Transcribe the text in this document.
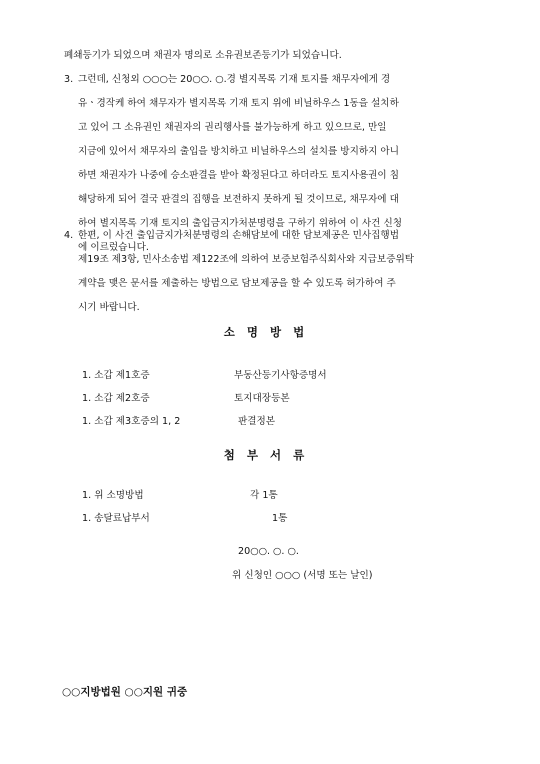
폐쇄등기가 되었으며 채권자 명의로 소유권보존등기가 되었습니다.
3. 그런데, 신청외 ○○○는 20○○. ○.경 별지목록 기재 토지를 채무자에게 경
유ㆍ경작케 하여 채무자가 별지목록 기재 토지 위에 비닐하우스 1동을 설치하
고 있어 그 소유권인 채권자의 권리행사를 불가능하게 하고 있으므로, 만일
지금에 있어서 채무자의 출입을 방치하고 비닐하우스의 설치를 방지하지 아니
하면 채권자가 나중에 승소판결을 받아 확정된다고 하더라도 토지사용권이 침
해당하게 되어 결국 판결의 집행을 보전하지 못하게 될 것이므로, 채무자에 대
하여 별지목록 기재 토지의 출입금지가처분명령을 구하기 위하여 이 사건 신청
에 이르렀습니다.
4. 한편, 이 사건 출입금지가처분명령의 손해담보에 대한 담보제공은 민사집행법
제19조 제3항, 민사소송법 제122조에 의하여 보증보험주식회사와 지급보증위탁
계약을 맺은 문서를 제출하는 방법으로 담보제공을 할 수 있도록 허가하여 주
시기 바랍니다.
소명방법
1. 소갑 제1호증	부동산등기사항증명서
1. 소갑 제2호증	토지대장등본
1. 소갑 제3호증의 1, 2	판결정본
첨부서류
1. 위 소명방법	각 1통
1. 송달료납부서	1통
20○○. ○. ○.
위 신청인 ○○○ (서명 또는 날인)
○○지방법원 ○○지원 귀중
